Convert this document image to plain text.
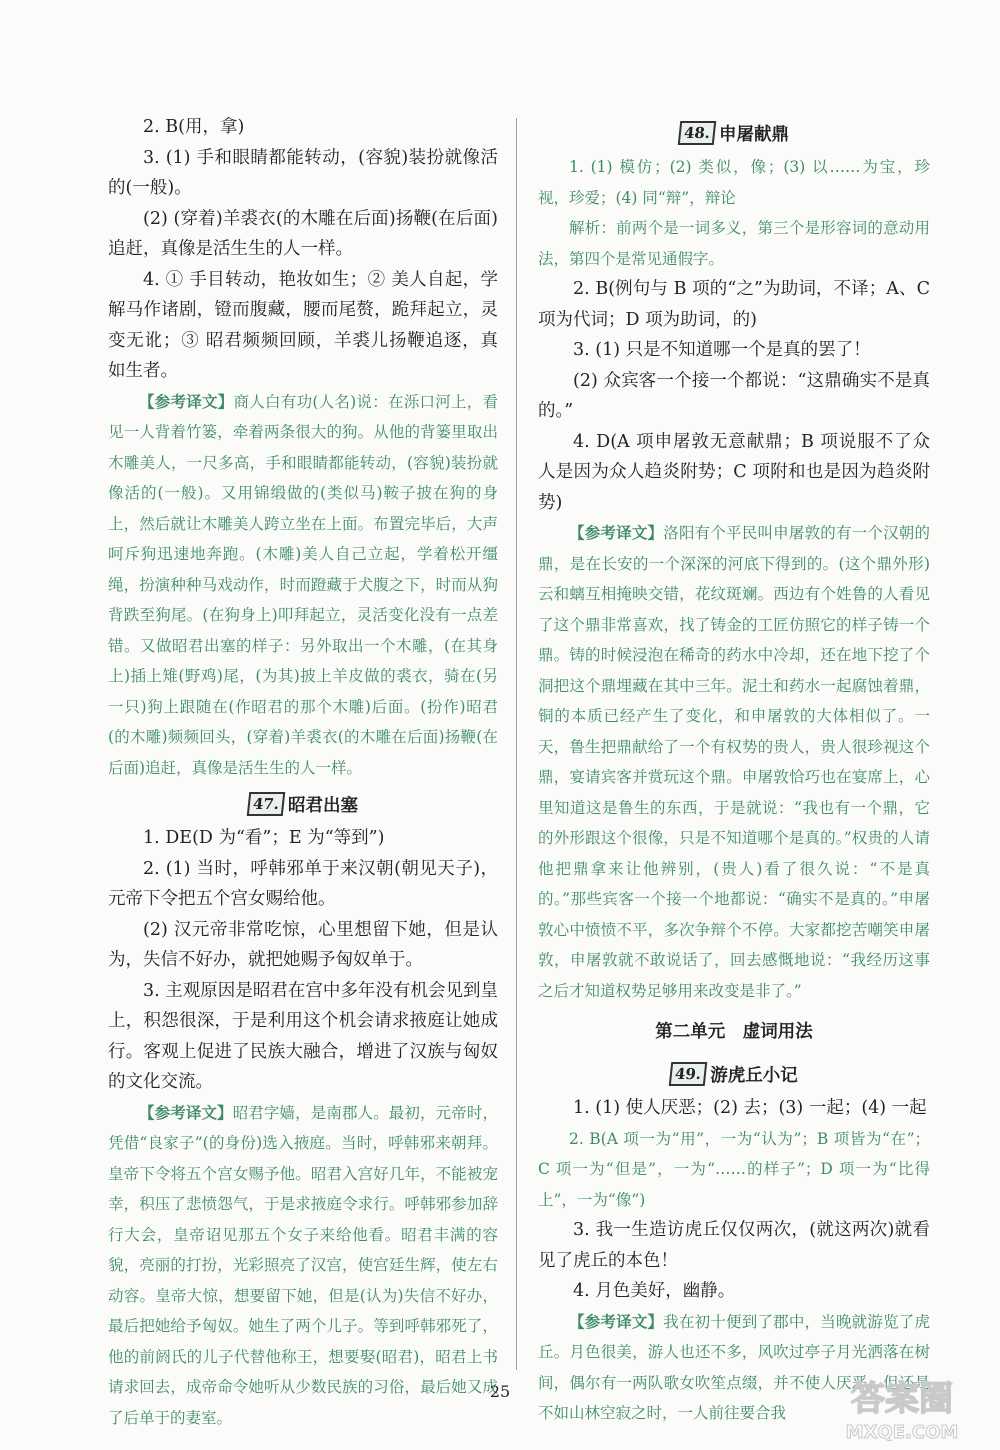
2. B(用，拿)

3. (1) 手和眼睛都能转动，(容貌)装扮就像活的(一般)。

(2) (穿着)羊裘衣(的木雕在后面)扬鞭(在后面)追赶，真像是活生生的人一样。

4. ① 手目转动，艳妆如生；② 美人自起，学解马作诸剧，镫而腹藏，腰而尾赘，跪拜起立，灵变无讹；③ 昭君频频回顾，羊裘儿扬鞭追逐，真如生者。

【参考译文】商人白有功(人名)说：在泺口河上，看见一人背着竹篓，牵着两条很大的狗。从他的背篓里取出木雕美人，一尺多高，手和眼睛都能转动，(容貌)装扮就像活的(一般)。又用锦缎做的(类似马)鞍子披在狗的身上，然后就让木雕美人跨立坐在上面。布置完毕后，大声呵斥狗迅速地奔跑。(木雕)美人自己立起，学着松开缰绳，扮演种种马戏动作，时而蹬藏于犬腹之下，时而从狗背跌至狗尾。(在狗身上)叩拜起立，灵活变化没有一点差错。又做昭君出塞的样子：另外取出一个木雕，(在其身上)插上雉(野鸡)尾，(为其)披上羊皮做的裘衣，骑在(另一只)狗上跟随在(作昭君的那个木雕)后面。(扮作)昭君(的木雕)频频回头，(穿着)羊裘衣(的木雕在后面)扬鞭(在后面)追赶，真像是活生生的人一样。

47. 昭君出塞

1. DE(D 为“看”；E 为“等到”)

2. (1) 当时，呼韩邪单于来汉朝(朝见天子)，元帝下令把五个宫女赐给他。

(2) 汉元帝非常吃惊，心里想留下她，但是认为，失信不好办，就把她赐予匈奴单于。

3. 主观原因是昭君在宫中多年没有机会见到皇上，积怨很深，于是利用这个机会请求掖庭让她成行。客观上促进了民族大融合，增进了汉族与匈奴的文化交流。

【参考译文】昭君字嫱，是南郡人。最初，元帝时，凭借“良家子”(的身份)选入掖庭。当时，呼韩邪来朝拜。皇帝下令将五个宫女赐予他。昭君入宫好几年，不能被宠幸，积压了悲愤怨气，于是求掖庭令求行。呼韩邪参加辞行大会，皇帝诏见那五个女子来给他看。昭君丰满的容貌，亮丽的打扮，光彩照亮了汉宫，使宫廷生辉，使左右动容。皇帝大惊，想要留下她，但是(认为)失信不好办，最后把她给予匈奴。她生了两个儿子。等到呼韩邪死了，他的前阏氏的儿子代替他称王，想要娶(昭君)，昭君上书请求回去，成帝命令她听从少数民族的习俗，最后她又成了后单于的妻室。

48. 申屠献鼎

1. (1) 模仿；(2) 类似，像；(3) 以……为宝，珍视，珍爱；(4) 同“辩”，辩论

解析：前两个是一词多义，第三个是形容词的意动用法，第四个是常见通假字。

2. B(例句与 B 项的“之”为助词，不译；A、C 项为代词；D 项为助词，的)

3. (1) 只是不知道哪一个是真的罢了！

(2) 众宾客一个接一个都说：“这鼎确实不是真的。”

4. D(A 项申屠敦无意献鼎；B 项说服不了众人是因为众人趋炎附势；C 项附和也是因为趋炎附势)

【参考译文】洛阳有个平民叫申屠敦的有一个汉朝的鼎，是在长安的一个深深的河底下得到的。(这个鼎外形)云和螭互相掩映交错，花纹斑斓。西边有个姓鲁的人看见了这个鼎非常喜欢，找了铸金的工匠仿照它的样子铸一个鼎。铸的时候浸泡在稀奇的药水中冷却，还在地下挖了个洞把这个鼎埋藏在其中三年。泥土和药水一起腐蚀着鼎，铜的本质已经产生了变化，和申屠敦的大体相似了。一天，鲁生把鼎献给了一个有权势的贵人，贵人很珍视这个鼎，宴请宾客并赏玩这个鼎。申屠敦恰巧也在宴席上，心里知道这是鲁生的东西，于是就说：“我也有一个鼎，它的外形跟这个很像，只是不知道哪个是真的。”权贵的人请他把鼎拿来让他辨别，(贵人)看了很久说：“不是真的。”那些宾客一个接一个地都说：“确实不是真的。”申屠敦心中愤愤不平，多次争辩个不停。大家都挖苦嘲笑申屠敦，申屠敦就不敢说话了，回去感慨地说：“我经历这事之后才知道权势足够用来改变是非了。”

第二单元　虚词用法
49. 游虎丘小记

1. (1) 使人厌恶；(2) 去；(3) 一起；(4) 一起

2. B(A 项一为“用”，一为“认为”；B 项皆为“在”；C 项一为“但是”，一为“……的样子”；D 项一为“比得上”，一为“像”)

3. 我一生造访虎丘仅仅两次，(就这两次)就看见了虎丘的本色！

4. 月色美好，幽静。

【参考译文】我在初十便到了郡中，当晚就游览了虎丘。月色很美，游人也还不多，风吹过亭子月光洒落在树间，偶尔有一两队歌女吹笙点缀，并不使人厌恶。但还是不如山林空寂之时，一人前往要合我

25	答案圈
MXQE.COM
